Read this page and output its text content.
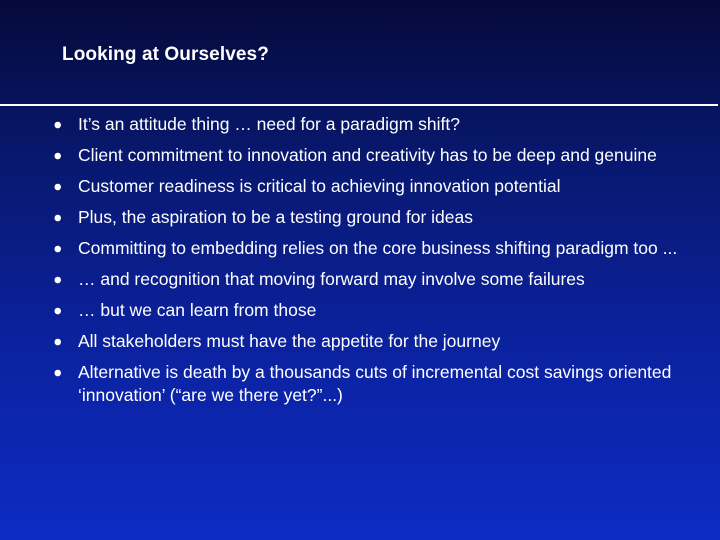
Looking at Ourselves?
⦁ It’s an attitude thing … need for a paradigm shift?
⦁ Client commitment to innovation and creativity has to be deep and genuine
⦁ Customer readiness is critical to achieving innovation potential
⦁ Plus, the aspiration to be a testing ground for ideas
⦁ Committing to embedding relies on the core business shifting paradigm too ...
⦁ … and recognition that moving forward may involve some failures
⦁ … but we can learn from those
⦁ All stakeholders must have the appetite for the journey
⦁ Alternative is death by a thousands cuts of incremental cost savings oriented ‘innovation’ (“are we there yet?”...)
